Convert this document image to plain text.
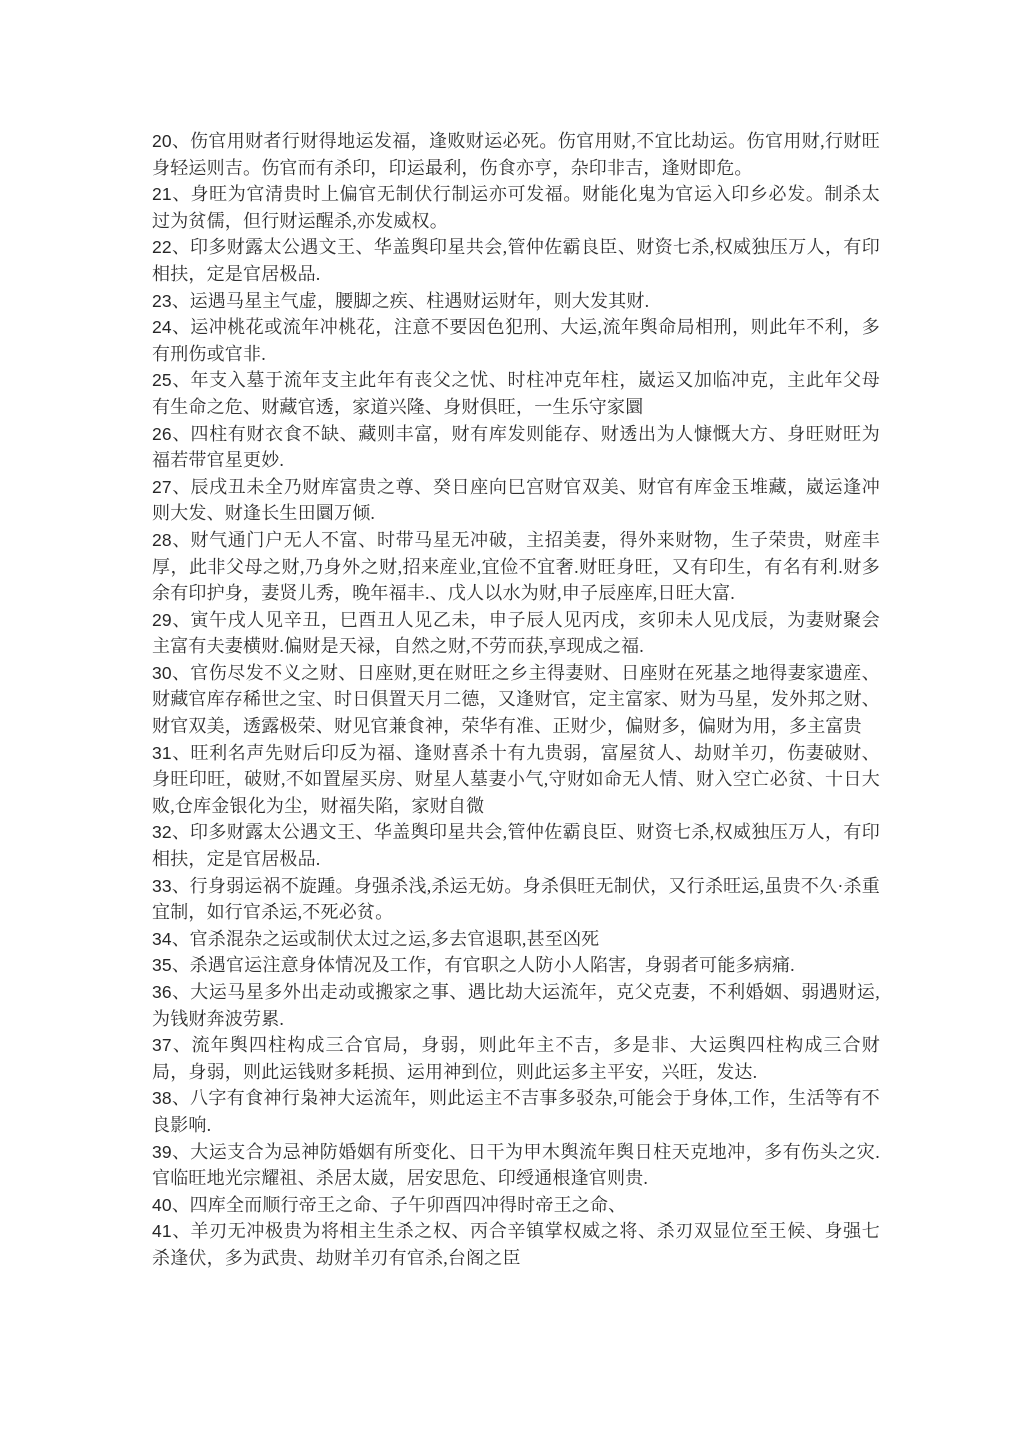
20、伤官用财者行财得地运发福，逢败财运必死。伤官用财,不宜比劫运。伤官用财,行财旺身轻运则吉。伤官而有杀印，印运最利，伤食亦亨，杂印非吉，逢财即危。

21、身旺为官清贵时上偏官无制伏行制运亦可发福。财能化鬼为官运入印乡必发。制杀太过为贫儒，但行财运醒杀,亦发威权。

22、印多财露太公遇文王、华盖舆印星共会,管仲佐霸良臣、财资七杀,权威独压万人，有印相扶，定是官居极品.

23、运遇马星主气虚，腰脚之疾、柱遇财运财年，则大发其财.

24、运冲桃花或流年冲桃花，注意不要因色犯刑、大运,流年舆命局相刑，则此年不利，多有刑伤或官非.

25、年支入墓于流年支主此年有丧父之忧、时柱冲克年柱，崴运又加临冲克，主此年父母有生命之危、财藏官透，家道兴隆、身财俱旺，一生乐守家圜

26、四柱有财衣食不缺、藏则丰富，财有库发则能存、财透出为人慷慨大方、身旺财旺为福若带官星更妙.

27、辰戌丑未全乃财库富贵之尊、癸日座向巳宫财官双美、财官有库金玉堆藏，崴运逢冲则大发、财逢长生田圜万倾.

28、财气通门户无人不富、时带马星无冲破，主招美妻，得外来财物，生子荣贵，财産丰厚，此非父母之财,乃身外之财,招来産业,宜俭不宜奢.财旺身旺，又有印生，有名有利.财多余有印护身，妻贤儿秀，晚年福丰.、戊人以水为财,申子辰座库,日旺大富.

29、寅午戌人见辛丑，巳酉丑人见乙未，申子辰人见丙戌，亥卯未人见戊辰，为妻财聚会主富有夫妻横财.偏财是天禄，自然之财,不劳而获,享现成之福.

30、官伤尽发不义之财、日座财,更在财旺之乡主得妻财、日座财在死基之地得妻家遗産、财藏官库存稀世之宝、时日俱置天月二德，又逢财官，定主富家、财为马星，发外邦之财、财官双美，透露极荣、财见官兼食神，荣华有准、正财少，偏财多，偏财为用，多主富贵

31、旺利名声先财后印反为福、逢财喜杀十有九贵弱，富屋贫人、劫财羊刃，伤妻破财、身旺印旺，破财,不如置屋买房、财星人墓妻小气,守财如命无人情、财入空亡必贫、十日大败,仓库金银化为尘，财福失陷，家财自微

32、印多财露太公遇文王、华盖舆印星共会,管仲佐霸良臣、财资七杀,权威独压万人，有印相扶，定是官居极品.

33、行身弱运祸不旋踵。身强杀浅,杀运无妨。身杀俱旺无制伏，又行杀旺运,虽贵不久·杀重宜制，如行官杀运,不死必贫。

34、官杀混杂之运或制伏太过之运,多去官退职,甚至凶死

35、杀遇官运注意身体情况及工作，有官职之人防小人陷害，身弱者可能多病痛.

36、大运马星多外出走动或搬家之事、遇比劫大运流年，克父克妻，不利婚姻、弱遇财运,为钱财奔波劳累.

37、流年舆四柱构成三合官局，身弱，则此年主不吉，多是非、大运舆四柱构成三合财局，身弱，则此运钱财多耗损、运用神到位，则此运多主平安，兴旺，发达.

38、八字有食神行枭神大运流年，则此运主不吉事多驳杂,可能会于身体,工作，生活等有不良影响.

39、大运支合为忌神防婚姻有所变化、日干为甲木舆流年舆日柱天克地冲，多有伤头之灾.官临旺地光宗耀祖、杀居太崴，居安思危、印绶通根逢官则贵.

40、四库全而顺行帝王之命、子午卯酉四冲得时帝王之命、

41、羊刃无冲极贵为将相主生杀之权、丙合辛镇掌权威之将、杀刃双显位至王候、身强七杀逢伏，多为武贵、劫财羊刃有官杀,台阁之臣
